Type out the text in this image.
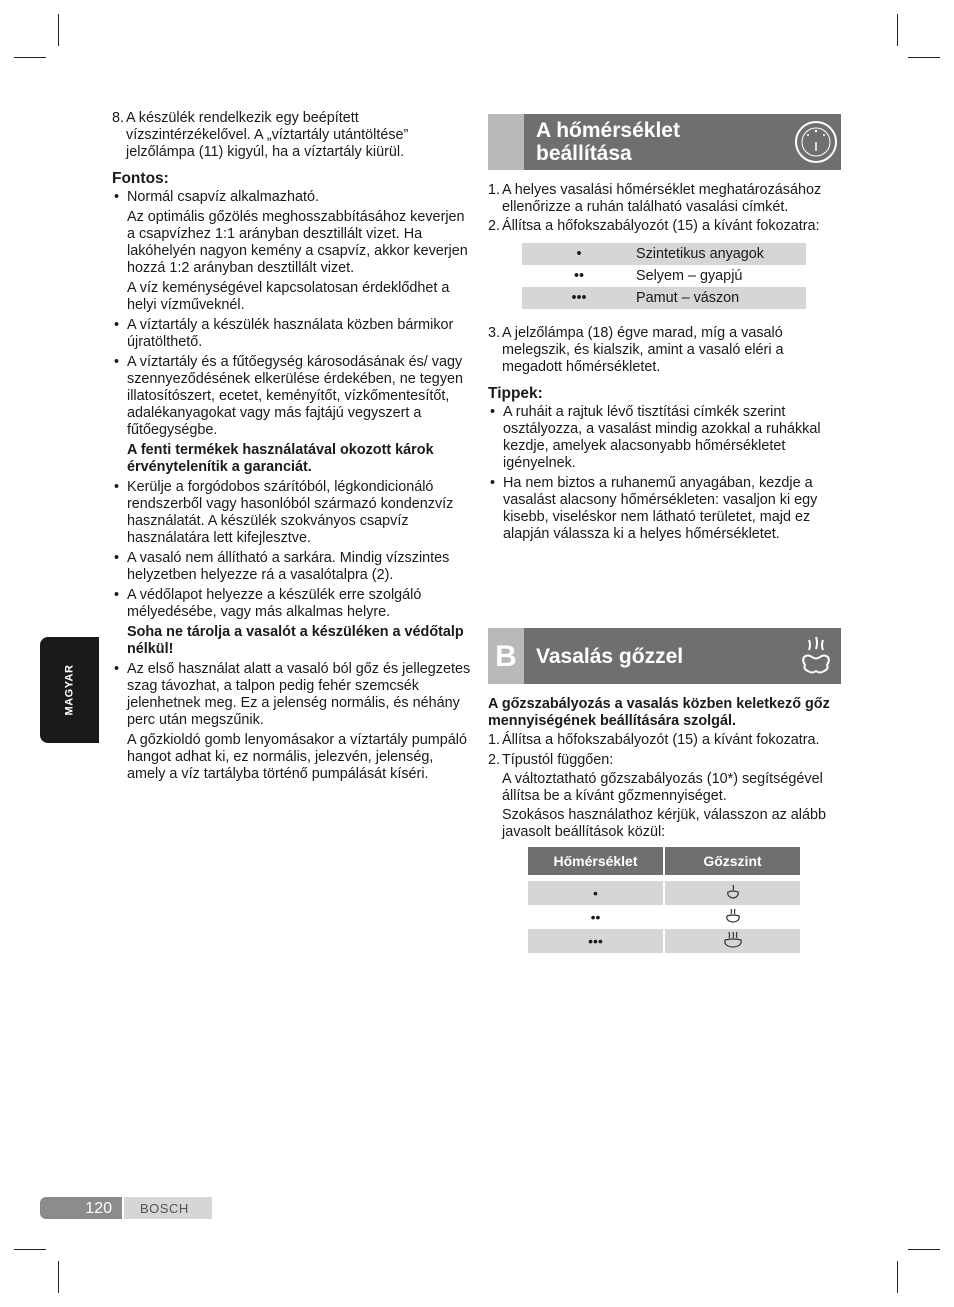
8. A készülék rendelkezik egy beépített vízszintérzékelővel. A „víztartály utántöltése” jelzőlámpa (11) kigyúl, ha a víztartály kiürül.

Fontos:

• Normál csapvíz alkalmazható.

Az optimális gőzölés meghosszabbításához keverjen a csapvízhez 1:1 arányban desztillált vizet. Ha lakóhelyén nagyon kemény a csapvíz, akkor keverjen hozzá 1:2 arányban desztillált vizet.

A víz keménységével kapcsolatosan érdeklődhet a helyi vízműveknél.

• A víztartály a készülék használata közben bármikor újratölthető.
• A víztartály és a fűtőegység károsodásának és/ vagy szennyeződésének elkerülése érdekében, ne tegyen illatosítószert, ecetet, keményítőt, vízkőmentesítőt, adalékanyagokat vagy más fajtájú vegyszert a fűtőegységbe.

A fenti termékek használatával okozott károk érvénytelenítik a garanciát.

• Kerülje a forgódobos szárítóból, légkondicionáló rendszerből vagy hasonlóból származó kondenzvíz használatát. A készülék szokványos csapvíz használatára lett kifejlesztve.
• A vasaló nem állítható a sarkára. Mindig vízszintes helyzetben helyezze rá a vasalótalpra (2).
• A védőlapot helyezze a készülék erre szolgáló mélyedésébe, vagy más alkalmas helyre.

Soha ne tárolja a vasalót a készüléken a védőtalp nélkül!

• Az első használat alatt a vasaló ból gőz és jellegzetes szag távozhat, a talpon pedig fehér szemcsék jelenhetnek meg. Ez a jelenség normális, és néhány perc után megszűnik.

A gőzkioldó gomb lenyomásakor a víztartály pumpáló hangot adhat ki, ez normális, jelezvén, jelenség, amely a víz tartályba történő pumpálását kíséri.

A hőmérséklet beállítása
1. A helyes vasalási hőmérséklet meghatározásához ellenőrizze a ruhán található vasalási címkét.
2. Állítsa a hőfokszabályozót (15) a kívánt fokozatra:
•	Szintetikus anyagok
••	Selyem – gyapjú
•••	Pamut – vászon
3. A jelzőlámpa (18) égve marad, míg a vasaló melegszik, és kialszik, amint a vasaló eléri a megadott hőmérsékletet.

Tippek:

• A ruháit a rajtuk lévő tisztítási címkék szerint osztályozza, a vasalást mindig azokkal a ruhákkal kezdje, amelyek alacsonyabb hőmérsékletet igényelnek.
• Ha nem biztos a ruhanemű anyagában, kezdje a vasalást alacsony hőmérsékleten: vasaljon ki egy kisebb, viseléskor nem látható területet, majd ez alapján válassza ki a helyes hőmérsékletet.
B Vasalás gőzzel

A gőzszabályozás a vasalás közben keletkező gőz mennyiségének beállítására szolgál.

1. Állítsa a hőfokszabályozót (15) a kívánt fokozatra.
2. Típustól függően:

A változtatható gőzszabályozás (10*) segítségével állítsa be a kívánt gőzmennyiséget.

Szokásos használathoz kérjük, válasszon az alább javasolt beállítások közül:

Hőmérséklet	Gőzszint

•	
••	
•••	
MAGYAR
120	BOSCH
